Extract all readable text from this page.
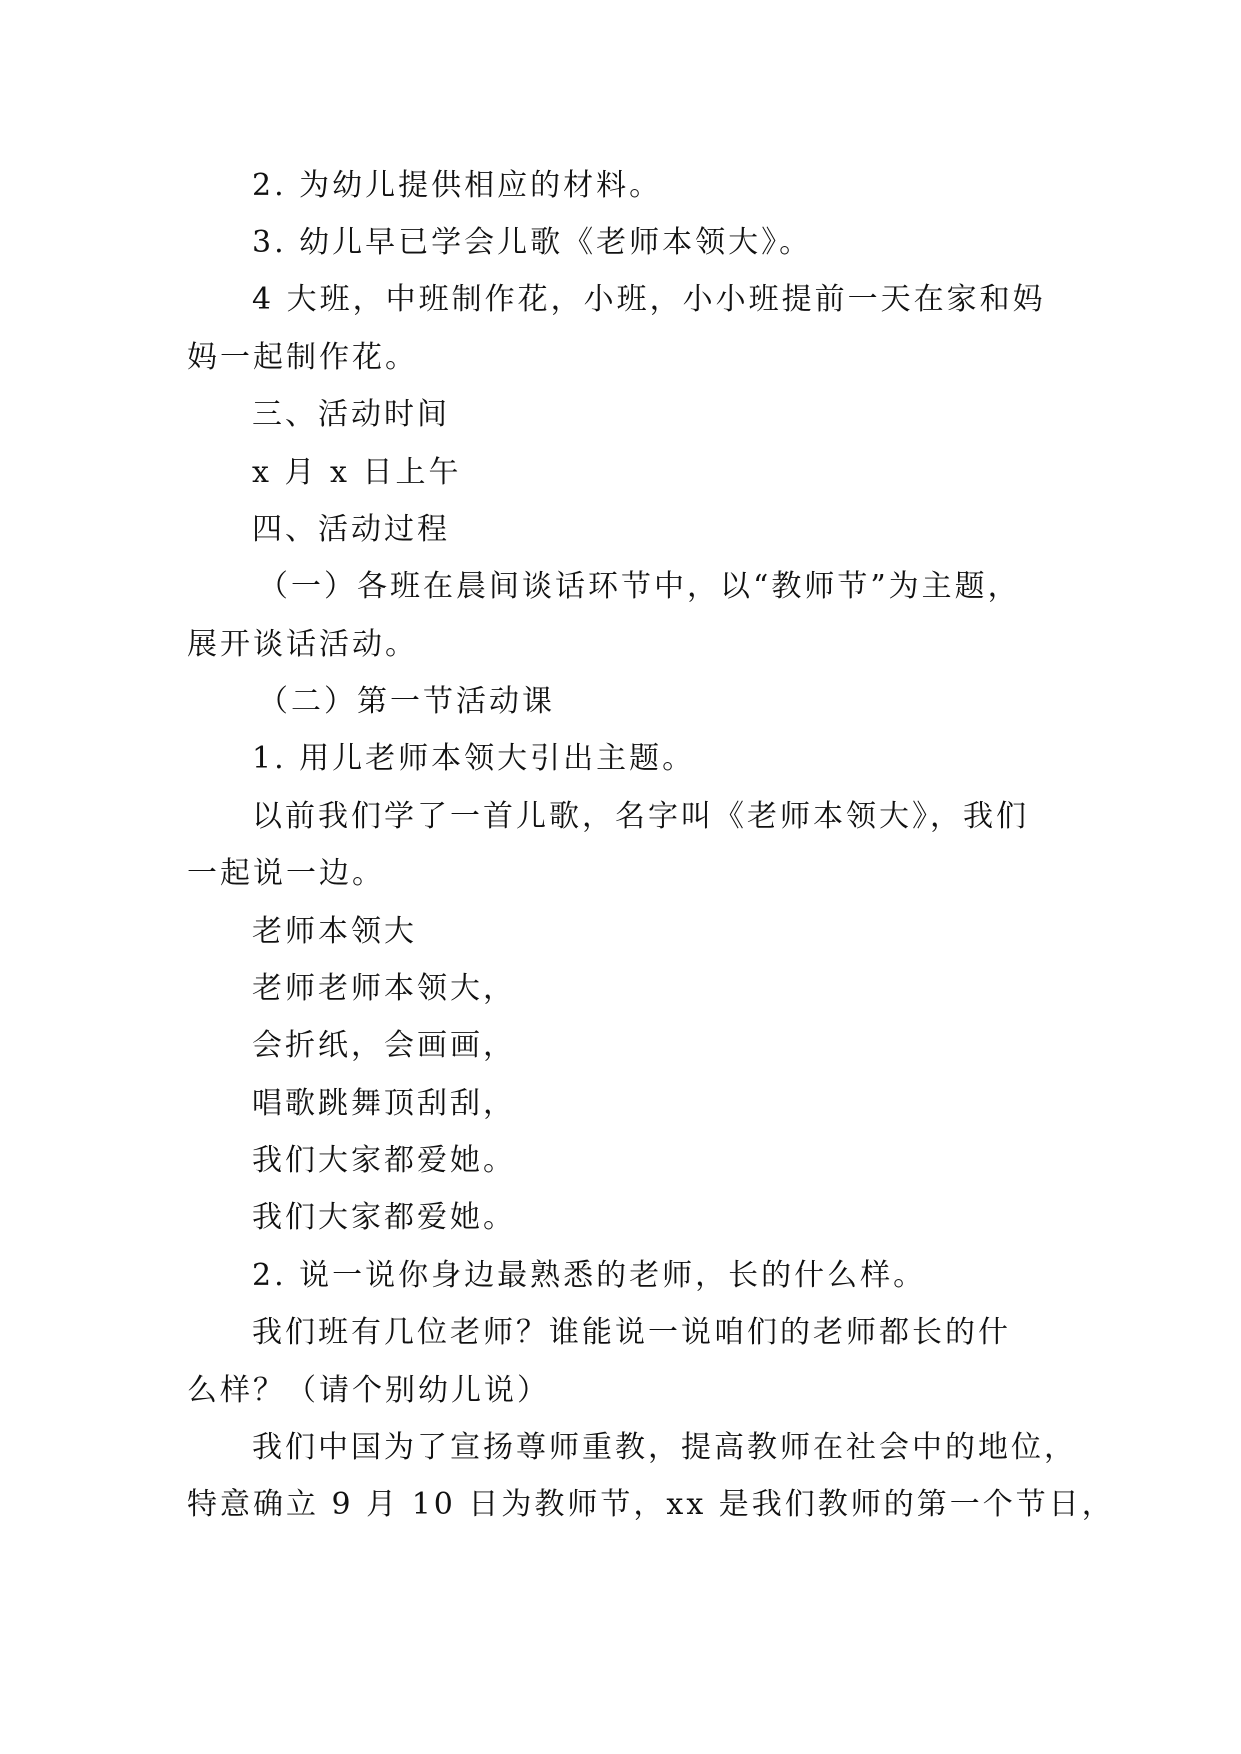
2. 为幼儿提供相应的材料。
3. 幼儿早已学会儿歌《老师本领大》。
4 大班，中班制作花，小班，小小班提前一天在家和妈
妈一起制作花。
三、活动时间
x 月 x 日上午
四、活动过程
（一）各班在晨间谈话环节中，以“教师节”为主题，
展开谈话活动。
（二）第一节活动课
1. 用儿老师本领大引出主题。
以前我们学了一首儿歌，名字叫《老师本领大》，我们
一起说一边。
老师本领大
老师老师本领大，
会折纸，会画画，
唱歌跳舞顶刮刮，
我们大家都爱她。
我们大家都爱她。
2. 说一说你身边最熟悉的老师，长的什么样。
我们班有几位老师？谁能说一说咱们的老师都长的什
么样？（请个别幼儿说）
我们中国为了宣扬尊师重教，提高教师在社会中的地位，
特意确立 9 月 10 日为教师节，xx 是我们教师的第一个节日，
